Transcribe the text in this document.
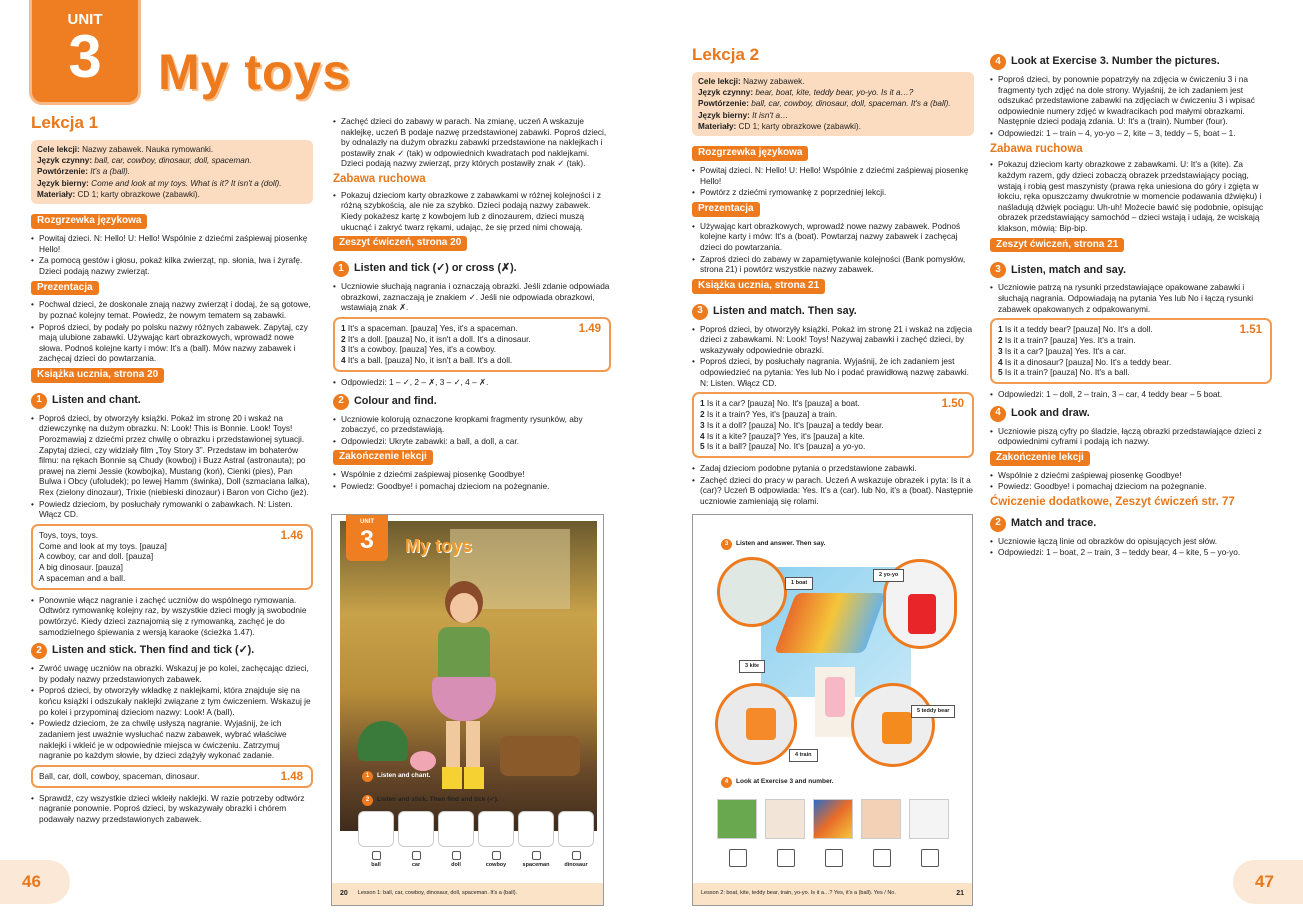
UNIT
3	My toys
Lekcja 1
Cele lekcji: Nazwy zabawek. Nauka rymowanki.
Język czynny: ball, car, cowboy, dinosaur, doll, spaceman.
Powtórzenie: It's a (ball).
Język bierny: Come and look at my toys. What is it? It isn't a (doll).
Materiały: CD 1; karty obrazkowe (zabawki).
Rozgrzewka językowa
• Powitaj dzieci. N: Hello! U: Hello! Wspólnie z dziećmi zaśpiewaj piosenkę Hello!
• Za pomocą gestów i głosu, pokaż kilka zwierząt, np. słonia, lwa i żyrafę. Dzieci podają nazwy zwierząt.
Prezentacja
• Pochwal dzieci, że doskonale znają nazwy zwierząt i dodaj, że są gotowe, by poznać kolejny temat. Powiedz, że nowym tematem są zabawki.
• Poproś dzieci, by podały po polsku nazwy różnych zabawek. Zapytaj, czy mają ulubione zabawki. Używając kart obrazkowych, wprowadź nowe słowa. Podnoś kolejne karty i mów: It's a (ball). Mów nazwy zabawek i zachęcaj dzieci do powtarzania.
Książka ucznia, strona 20
1 Listen and chant.
• Poproś dzieci, by otworzyły książki. Pokaż im stronę 20 i wskaż na dziewczynkę na dużym obrazku. N: Look! This is Bonnie. Look! Toys! Porozmawiaj z dziećmi przez chwilę o obrazku i przedstawionej sytuacji. Zapytaj dzieci, czy widziały film „Toy Story 3”. Przedstaw im bohaterów filmu: na rękach Bonnie są Chudy (kowboj) i Buzz Astral (astronauta); po prawej na ziemi Jessie (kowbojka), Mustang (koń), Cienki (pies), Pan Bulwa i Obcy (ufoludek); po lewej Hamm (świnka), Doll (szmaciana lalka), Rex (zielony dinozaur), Trixie (niebieski dinozaur) i Baron von Cicho (jeż).
• Powiedz dzieciom, by posłuchały rymowanki o zabawkach. N: Listen. Włącz CD.
1.46
Toys, toys, toys.
Come and look at my toys. [pauza]
A cowboy, car and doll. [pauza]
A big dinosaur. [pauza]
A spaceman and a ball.
• Ponownie włącz nagranie i zachęć uczniów do wspólnego rymowania. Odtwórz rymowankę kolejny raz, by wszystkie dzieci mogły ją swobodnie powtórzyć. Kiedy dzieci zaznajomią się z rymowanką, zachęć je do samodzielnego śpiewania z wersją karaoke (ścieżka 1.47).
2 Listen and stick. Then find and tick (✓).
• Zwróć uwagę uczniów na obrazki. Wskazuj je po kolei, zachęcając dzieci, by podały nazwy przedstawionych zabawek.
• Poproś dzieci, by otworzyły wkładkę z naklejkami, która znajduje się na końcu książki i odszukały naklejki związane z tym ćwiczeniem. Wskazuj je po kolei i przypominaj dzieciom nazwy: Look! A (ball).
• Powiedz dzieciom, że za chwilę usłyszą nagranie. Wyjaśnij, że ich zadaniem jest uważnie wysłuchać nazw zabawek, wybrać właściwe naklejki i wkleić je w odpowiednie miejsca w ćwiczeniu. Zatrzymuj nagranie po każdym słowie, by dzieci zdążyły wykonać zadanie.
1.48
Ball, car, doll, cowboy, spaceman, dinosaur.
• Sprawdź, czy wszystkie dzieci wkleiły naklejki. W razie potrzeby odtwórz nagranie ponownie. Poproś dzieci, by wskazywały obrazki i chórem podawały nazwy przedstawionych zabawek.
• Zachęć dzieci do zabawy w parach. Na zmianę, uczeń A wskazuje naklejkę, uczeń B podaje nazwę przedstawionej zabawki. Poproś dzieci, by odnalazły na dużym obrazku zabawki przedstawione na naklejkach i postawiły znak ✓ (tak) w odpowiednich kwadratach pod naklejkami. Dzieci podają nazwy zwierząt, przy których postawiły znak ✓ (tak).
Zabawa ruchowa
• Pokazuj dzieciom karty obrazkowe z zabawkami w różnej kolejności i z różną szybkością, ale nie za szybko. Dzieci podają nazwy zabawek. Kiedy pokażesz kartę z kowbojem lub z dinozaurem, dzieci muszą ukucnąć i zakryć twarz rękami, udając, że się przed nimi chowają.
Zeszyt ćwiczeń, strona 20
1 Listen and tick (✓) or cross (✗).
• Uczniowie słuchają nagrania i oznaczają obrazki. Jeśli zdanie odpowiada obrazkowi, zaznaczają je znakiem ✓. Jeśli nie odpowiada obrazkowi, wstawiają znak ✗.
1.49
1 It's a spaceman. [pauza] Yes, it's a spaceman.
2 It's a doll. [pauza] No, it isn't a doll. It's a dinosaur.
3 It's a cowboy. [pauza] Yes, it's a cowboy.
4 It's a ball. [pauza] No, it isn't a ball. It's a doll.
• Odpowiedzi: 1 – ✓, 2 – ✗, 3 – ✓, 4 – ✗.
2 Colour and find.
• Uczniowie kolorują oznaczone kropkami fragmenty rysunków, aby zobaczyć, co przedstawiają.
• Odpowiedzi: Ukryte zabawki: a ball, a doll, a car.
Zakończenie lekcji
• Wspólnie z dziećmi zaśpiewaj piosenkę Goodbye!
• Powiedz: Goodbye! i pomachaj dzieciom na pożegnanie.
UNIT
3	My toys
1	Listen and chant.
2	Listen and stick. Then find and tick (✓).
ball	car	doll	cowboy	spaceman	dinosaur
20 Lesson 1: ball, car, cowboy, dinosaur, doll, spaceman. It's a (ball).
Lekcja 2
Cele lekcji: Nazwy zabawek.
Język czynny: bear, boat, kite, teddy bear, yo-yo. Is it a…?
Powtórzenie: ball, car, cowboy, dinosaur, doll, spaceman. It's a (ball).
Język bierny: It isn't a…
Materiały: CD 1; karty obrazkowe (zabawki).
Rozgrzewka językowa
• Powitaj dzieci. N: Hello! U: Hello! Wspólnie z dziećmi zaśpiewaj piosenkę Hello!
• Powtórz z dziećmi rymowankę z poprzedniej lekcji.
Prezentacja
• Używając kart obrazkowych, wprowadź nowe nazwy zabawek. Podnoś kolejne karty i mów: It's a (boat). Powtarzaj nazwy zabawek i zachęcaj dzieci do powtarzania.
• Zaproś dzieci do zabawy w zapamiętywanie kolejności (Bank pomysłów, strona 21) i powtórz wszystkie nazwy zabawek.
Książka ucznia, strona 21
3 Listen and match. Then say.
• Poproś dzieci, by otworzyły książki. Pokaż im stronę 21 i wskaż na zdjęcia dzieci z zabawkami. N: Look! Toys! Nazywaj zabawki i zachęć dzieci, by wskazywały odpowiednie obrazki.
• Poproś dzieci, by posłuchały nagrania. Wyjaśnij, że ich zadaniem jest odpowiedzieć na pytania: Yes lub No i podać prawidłową nazwę zabawki. N: Listen. Włącz CD.
1.50
1 Is it a car? [pauza] No. It's [pauza] a boat.
2 Is it a train? Yes, it's [pauza] a train.
3 Is it a doll? [pauza] No. It's [pauza] a teddy bear.
4 Is it a kite? [pauza]? Yes, it's [pauza] a kite.
5 Is it a ball? [pauza] No. It's [pauza] a yo-yo.
• Zadaj dzieciom podobne pytania o przedstawione zabawki.
• Zachęć dzieci do pracy w parach. Uczeń A wskazuje obrazek i pyta: Is it a (car)? Uczeń B odpowiada: Yes. It's a (car). lub No, it's a (boat). Następnie uczniowie zamieniają się rolami.
3	Listen and answer. Then say.
1 boat
2 yo-yo
3 kite
4 train
5 teddy bear
4	Look at Exercise 3 and number.
Lesson 2: boat, kite, teddy bear, train, yo-yo. Is it a…? Yes, it's a (ball). Yes / No.	21
4 Look at Exercise 3. Number the pictures.
• Poproś dzieci, by ponownie popatrzyły na zdjęcia w ćwiczeniu 3 i na fragmenty tych zdjęć na dole strony. Wyjaśnij, że ich zadaniem jest odszukać przedstawione zabawki na zdjęciach w ćwiczeniu 3 i wpisać odpowiednie numery zdjęć w kwadracikach pod małymi obrazkami. Następnie dzieci podają zdania. U: It's a (train). Number (four).
• Odpowiedzi: 1 – train – 4, yo-yo – 2, kite – 3, teddy – 5, boat – 1.
Zabawa ruchowa
• Pokazuj dzieciom karty obrazkowe z zabawkami. U: It's a (kite). Za każdym razem, gdy dzieci zobaczą obrazek przedstawiający pociąg, wstają i robią gest maszynisty (prawa ręka uniesiona do góry i zgięta w łokciu, ręka opuszczamy dwukrotnie w momencie podawania dźwięku) i naśladują dźwięk pociągu: Uh-uh! Możecie bawić się podobnie, opisując obrazek przedstawiający samochód – dzieci wstają i udają, że wciskają klakson, mówią: Bip-bip.
Zeszyt ćwiczeń, strona 21
3 Listen, match and say.
• Uczniowie patrzą na rysunki przedstawiające opakowane zabawki i słuchają nagrania. Odpowiadają na pytania Yes lub No i łączą rysunki zabawek opakowanych z odpakowanymi.
1.51
1 Is it a teddy bear? [pauza] No. It's a doll.
2 Is it a train? [pauza] Yes. It's a train.
3 Is it a car? [pauza] Yes. It's a car.
4 Is it a dinosaur? [pauza] No. It's a teddy bear.
5 Is it a train? [pauza] No. It's a ball.
• Odpowiedzi: 1 – doll, 2 – train, 3 – car, 4 teddy bear – 5 boat.
4 Look and draw.
• Uczniowie piszą cyfry po śladzie, łączą obrazki przedstawiające dzieci z odpowiednimi cyframi i podają ich nazwy.
Zakończenie lekcji
• Wspólnie z dziećmi zaśpiewaj piosenkę Goodbye!
• Powiedz: Goodbye! i pomachaj dzieciom na pożegnanie.
Ćwiczenie dodatkowe, Zeszyt ćwiczeń str. 77
2 Match and trace.
• Uczniowie łączą linie od obrazków do opisujących jest słów.
• Odpowiedzi: 1 – boat, 2 – train, 3 – teddy bear, 4 – kite, 5 – yo-yo.
46	47
